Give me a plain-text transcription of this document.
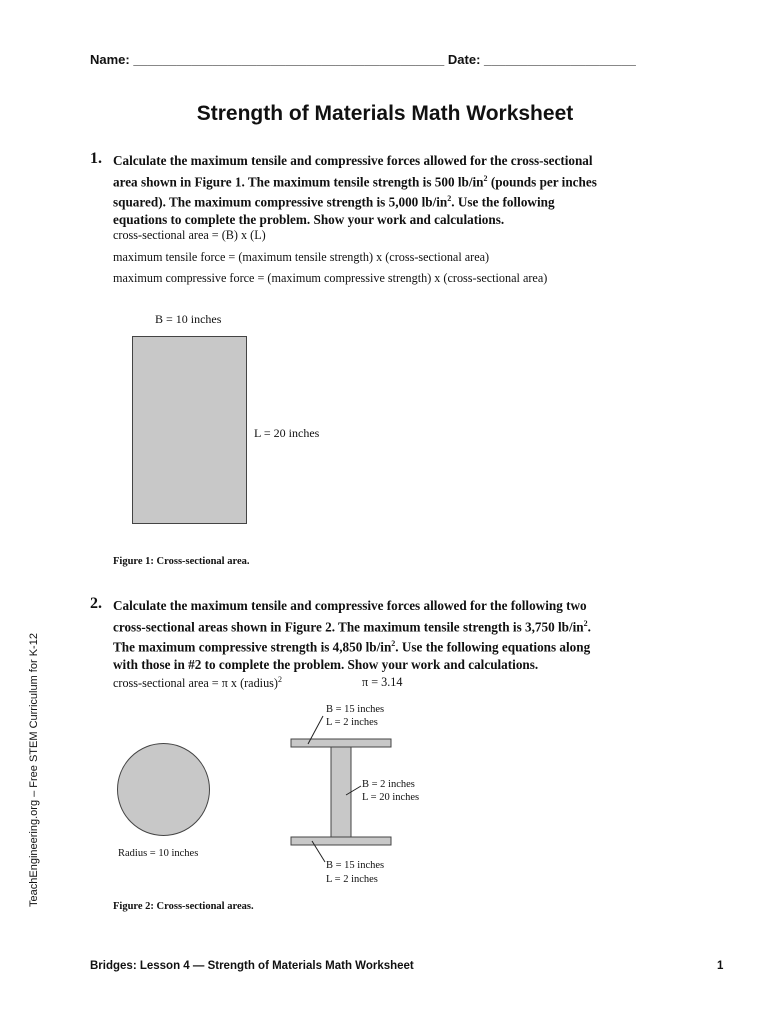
Name: ___________________________________________ Date: _____________________
Strength of Materials Math Worksheet
1. Calculate the maximum tensile and compressive forces allowed for the cross-sectional
area shown in Figure 1. The maximum tensile strength is 500 $lb/in^2$ (pounds per inches
squared). The maximum compressive strength is 5,000 $lb/in^2$. Use the following
equations to complete the problem. Show your work and calculations.
cross-sectional area = (B) x (L)
maximum tensile force = (maximum tensile strength) x (cross-sectional area)
maximum compressive force = (maximum compressive strength) x (cross-sectional area)
B = 10 inches
L = 20 inches
Figure 1: Cross-sectional area.
2. Calculate the maximum tensile and compressive forces allowed for the following two
cross-sectional areas shown in Figure 2. The maximum tensile strength is 3,750 $lb/in^2$.
The maximum compressive strength is 4,850 $lb/in^2$. Use the following equations along
with those in #2 to complete the problem. Show your work and calculations.
cross-sectional area = π x (radius)$^2$	π = 3.14
Radius = 10 inches
B = 15 inches
L = 2 inches
B = 2 inches
L = 20 inches
B = 15 inches
L = 2 inches
Figure 2: Cross-sectional areas.
TeachEngineering.org – Free STEM Curriculum for K-12
Bridges: Lesson 4 — Strength of Materials Math Worksheet	1
